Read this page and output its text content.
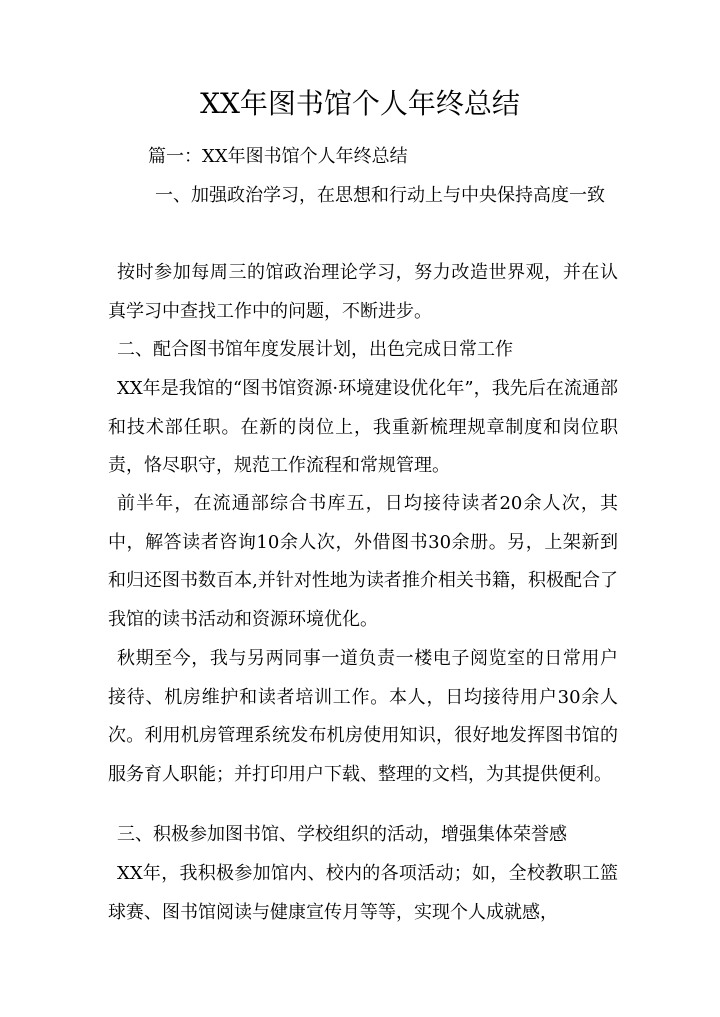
XX年图书馆个人年终总结
篇一：XX年图书馆个人年终总结
一、加强政治学习，在思想和行动上与中央保持高度一致
按时参加每周三的馆政治理论学习，努力改造世界观，并在认真学习中查找工作中的问题，不断进步。
二、配合图书馆年度发展计划，出色完成日常工作
XX年是我馆的“图书馆资源·环境建设优化年”，我先后在流通部和技术部任职。在新的岗位上，我重新梳理规章制度和岗位职责，恪尽职守，规范工作流程和常规管理。
前半年，在流通部综合书库五，日均接待读者20余人次，其中，解答读者咨询10余人次，外借图书30余册。另，上架新到和归还图书数百本,并针对性地为读者推介相关书籍，积极配合了我馆的读书活动和资源环境优化。
秋期至今，我与另两同事一道负责一楼电子阅览室的日常用户接待、机房维护和读者培训工作。本人，日均接待用户30余人次。利用机房管理系统发布机房使用知识，很好地发挥图书馆的服务育人职能；并打印用户下载、整理的文档，为其提供便利。
三、积极参加图书馆、学校组织的活动，增强集体荣誉感
XX年，我积极参加馆内、校内的各项活动；如，全校教职工篮球赛、图书馆阅读与健康宣传月等等，实现个人成就感，
